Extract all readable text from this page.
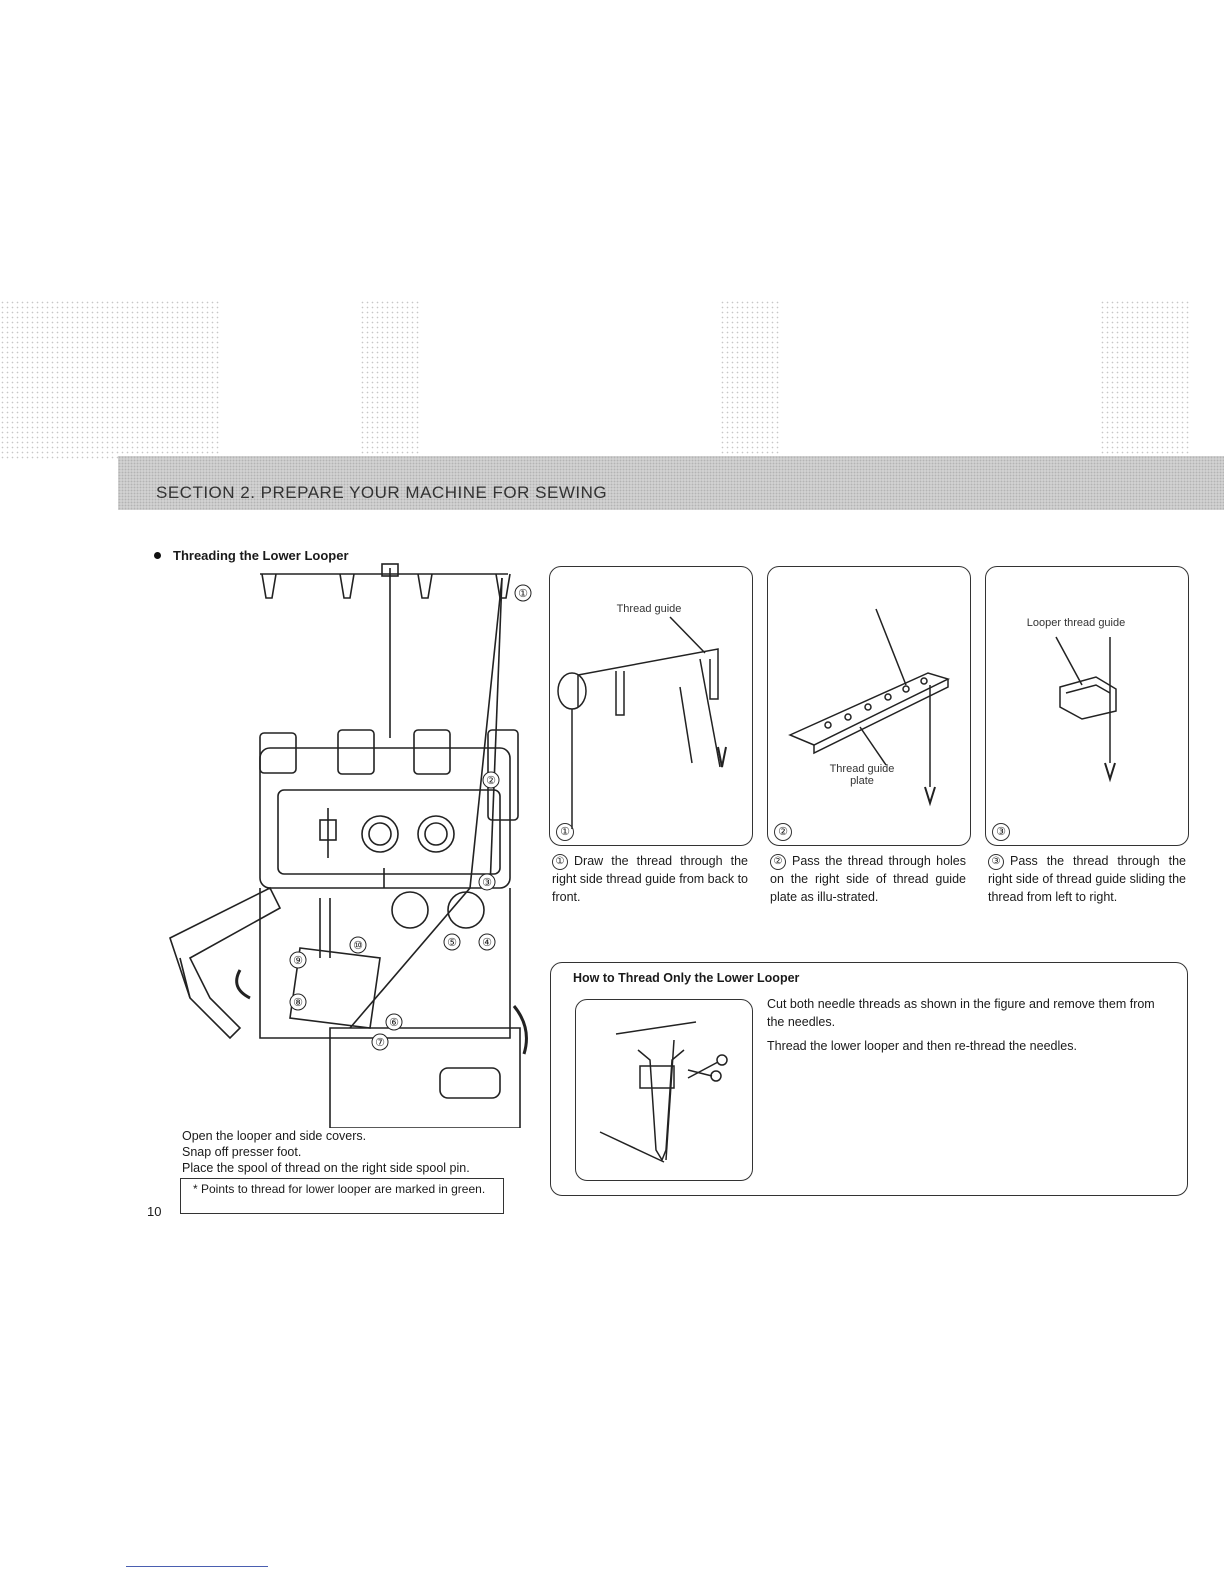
SECTION 2. PREPARE YOUR MACHINE FOR SEWING
Threading the Lower Looper
①
②
③
④
⑤
⑥
⑦
⑧
⑨
⑩
Thread guide
①
Thread guide plate
②
Looper thread guide
③
① Draw the thread through the right side thread guide from back to front.
② Pass the thread through holes on the right side of thread guide plate as illu-strated.
③ Pass the thread through the right side of thread guide sliding the thread from left to right.
Open the looper and side covers.
Snap off presser foot.
Place the spool of thread on the right side spool pin.
* Points to thread for lower looper are marked in green.
10
How to Thread Only the Lower Looper
Cut both needle threads as shown in the figure and remove them from the needles.
Thread the lower looper and then re-thread the needles.
